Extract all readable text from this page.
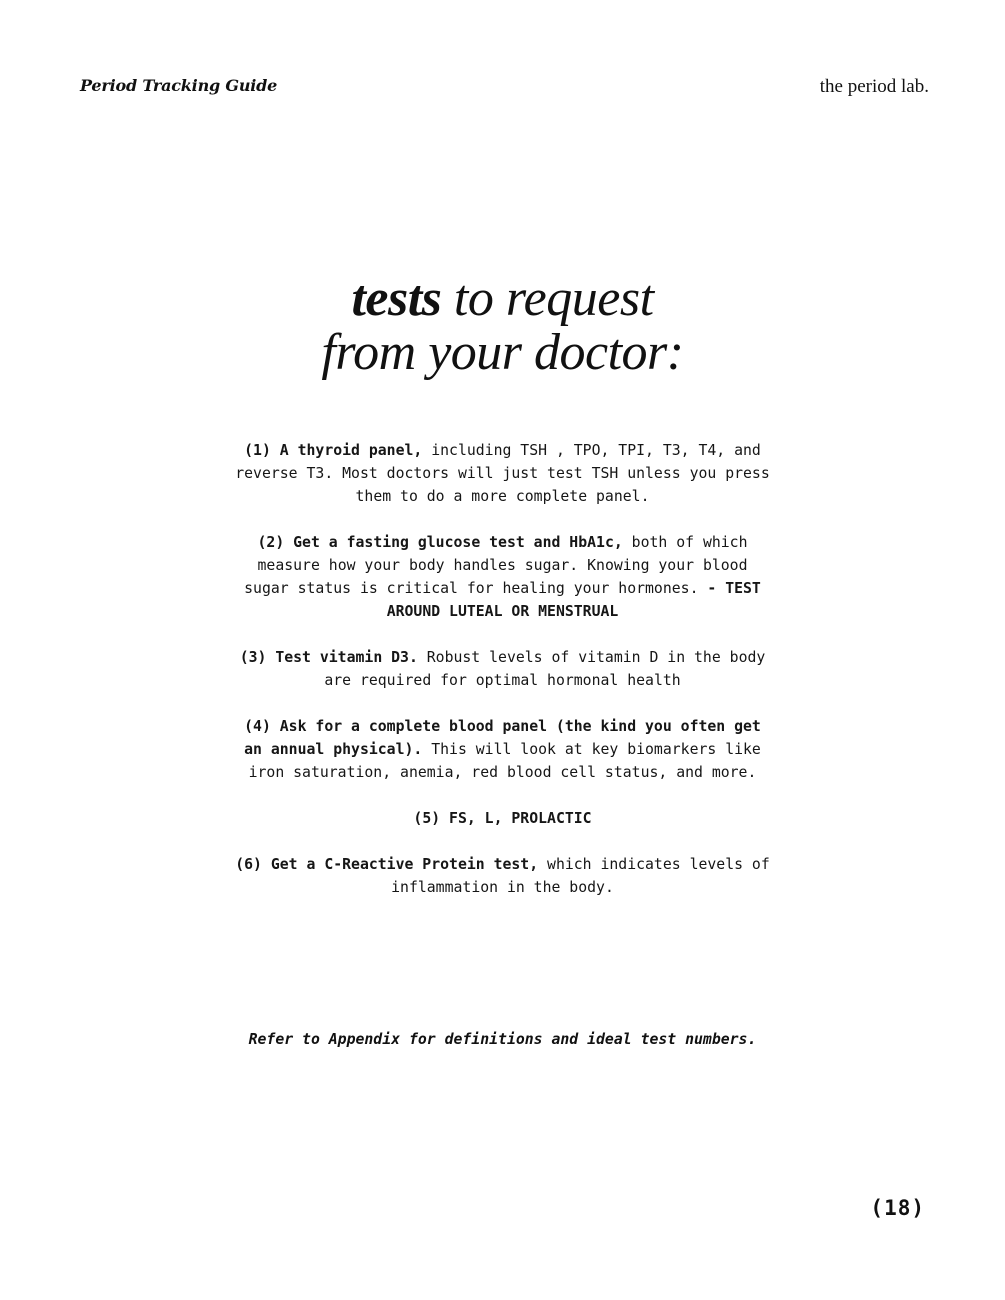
Period Tracking Guide	the period lab.
tests to request
from your doctor:

(1) A thyroid panel, including TSH , TPO, TPI, T3, T4, and reverse T3. Most doctors will just test TSH unless you press them to do a more complete panel.

(2) Get a fasting glucose test and HbA1c, both of which measure how your body handles sugar. Knowing your blood sugar status is critical for healing your hormones. - TEST AROUND LUTEAL OR MENSTRUAL

(3) Test vitamin D3. Robust levels of vitamin D in the body are required for optimal hormonal health

(4) Ask for a complete blood panel (the kind you often get an annual physical). This will look at key biomarkers like iron saturation, anemia, red blood cell status, and more.

(5) FS, L, PROLACTIC

(6) Get a C-Reactive Protein test, which indicates levels of inflammation in the body.

Refer to Appendix for definitions and ideal test numbers.
(18)
